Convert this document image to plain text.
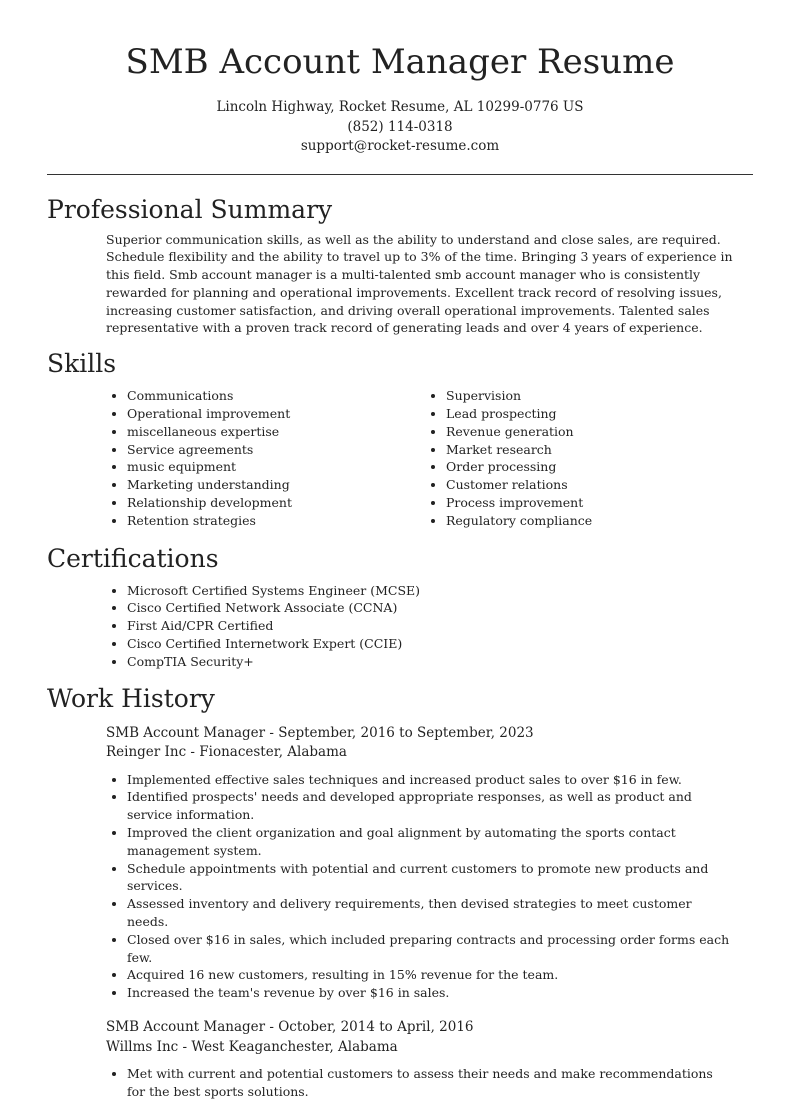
SMB Account Manager Resume
Lincoln Highway, Rocket Resume, AL 10299-0776 US
(852) 114-0318
support@rocket-resume.com
Professional Summary

Superior communication skills, as well as the ability to understand and close sales, are required. Schedule flexibility and the ability to travel up to 3% of the time. Bringing 3 years of experience in this field. Smb account manager is a multi-talented smb account manager who is consistently rewarded for planning and operational improvements. Excellent track record of resolving issues, increasing customer satisfaction, and driving overall operational improvements. Talented sales representative with a proven track record of generating leads and over 4 years of experience.

Skills
• Communications
• Operational improvement
• miscellaneous expertise
• Service agreements
• music equipment
• Marketing understanding
• Relationship development
• Retention strategies
• Supervision
• Lead prospecting
• Revenue generation
• Market research
• Order processing
• Customer relations
• Process improvement
• Regulatory compliance
Certifications
• Microsoft Certified Systems Engineer (MCSE)
• Cisco Certified Network Associate (CCNA)
• First Aid/CPR Certified
• Cisco Certified Internetwork Expert (CCIE)
• CompTIA Security+
Work History
SMB Account Manager - September, 2016 to September, 2023
Reinger Inc - Fionacester, Alabama
• Implemented effective sales techniques and increased product sales to over $16 in few.
• Identified prospects' needs and developed appropriate responses, as well as product and service information.
• Improved the client organization and goal alignment by automating the sports contact management system.
• Schedule appointments with potential and current customers to promote new products and services.
• Assessed inventory and delivery requirements, then devised strategies to meet customer needs.
• Closed over $16 in sales, which included preparing contracts and processing order forms each few.
• Acquired 16 new customers, resulting in 15% revenue for the team.
• Increased the team's revenue by over $16 in sales.
SMB Account Manager - October, 2014 to April, 2016
Willms Inc - West Keaganchester, Alabama
• Met with current and potential customers to assess their needs and make recommendations for the best sports solutions.
